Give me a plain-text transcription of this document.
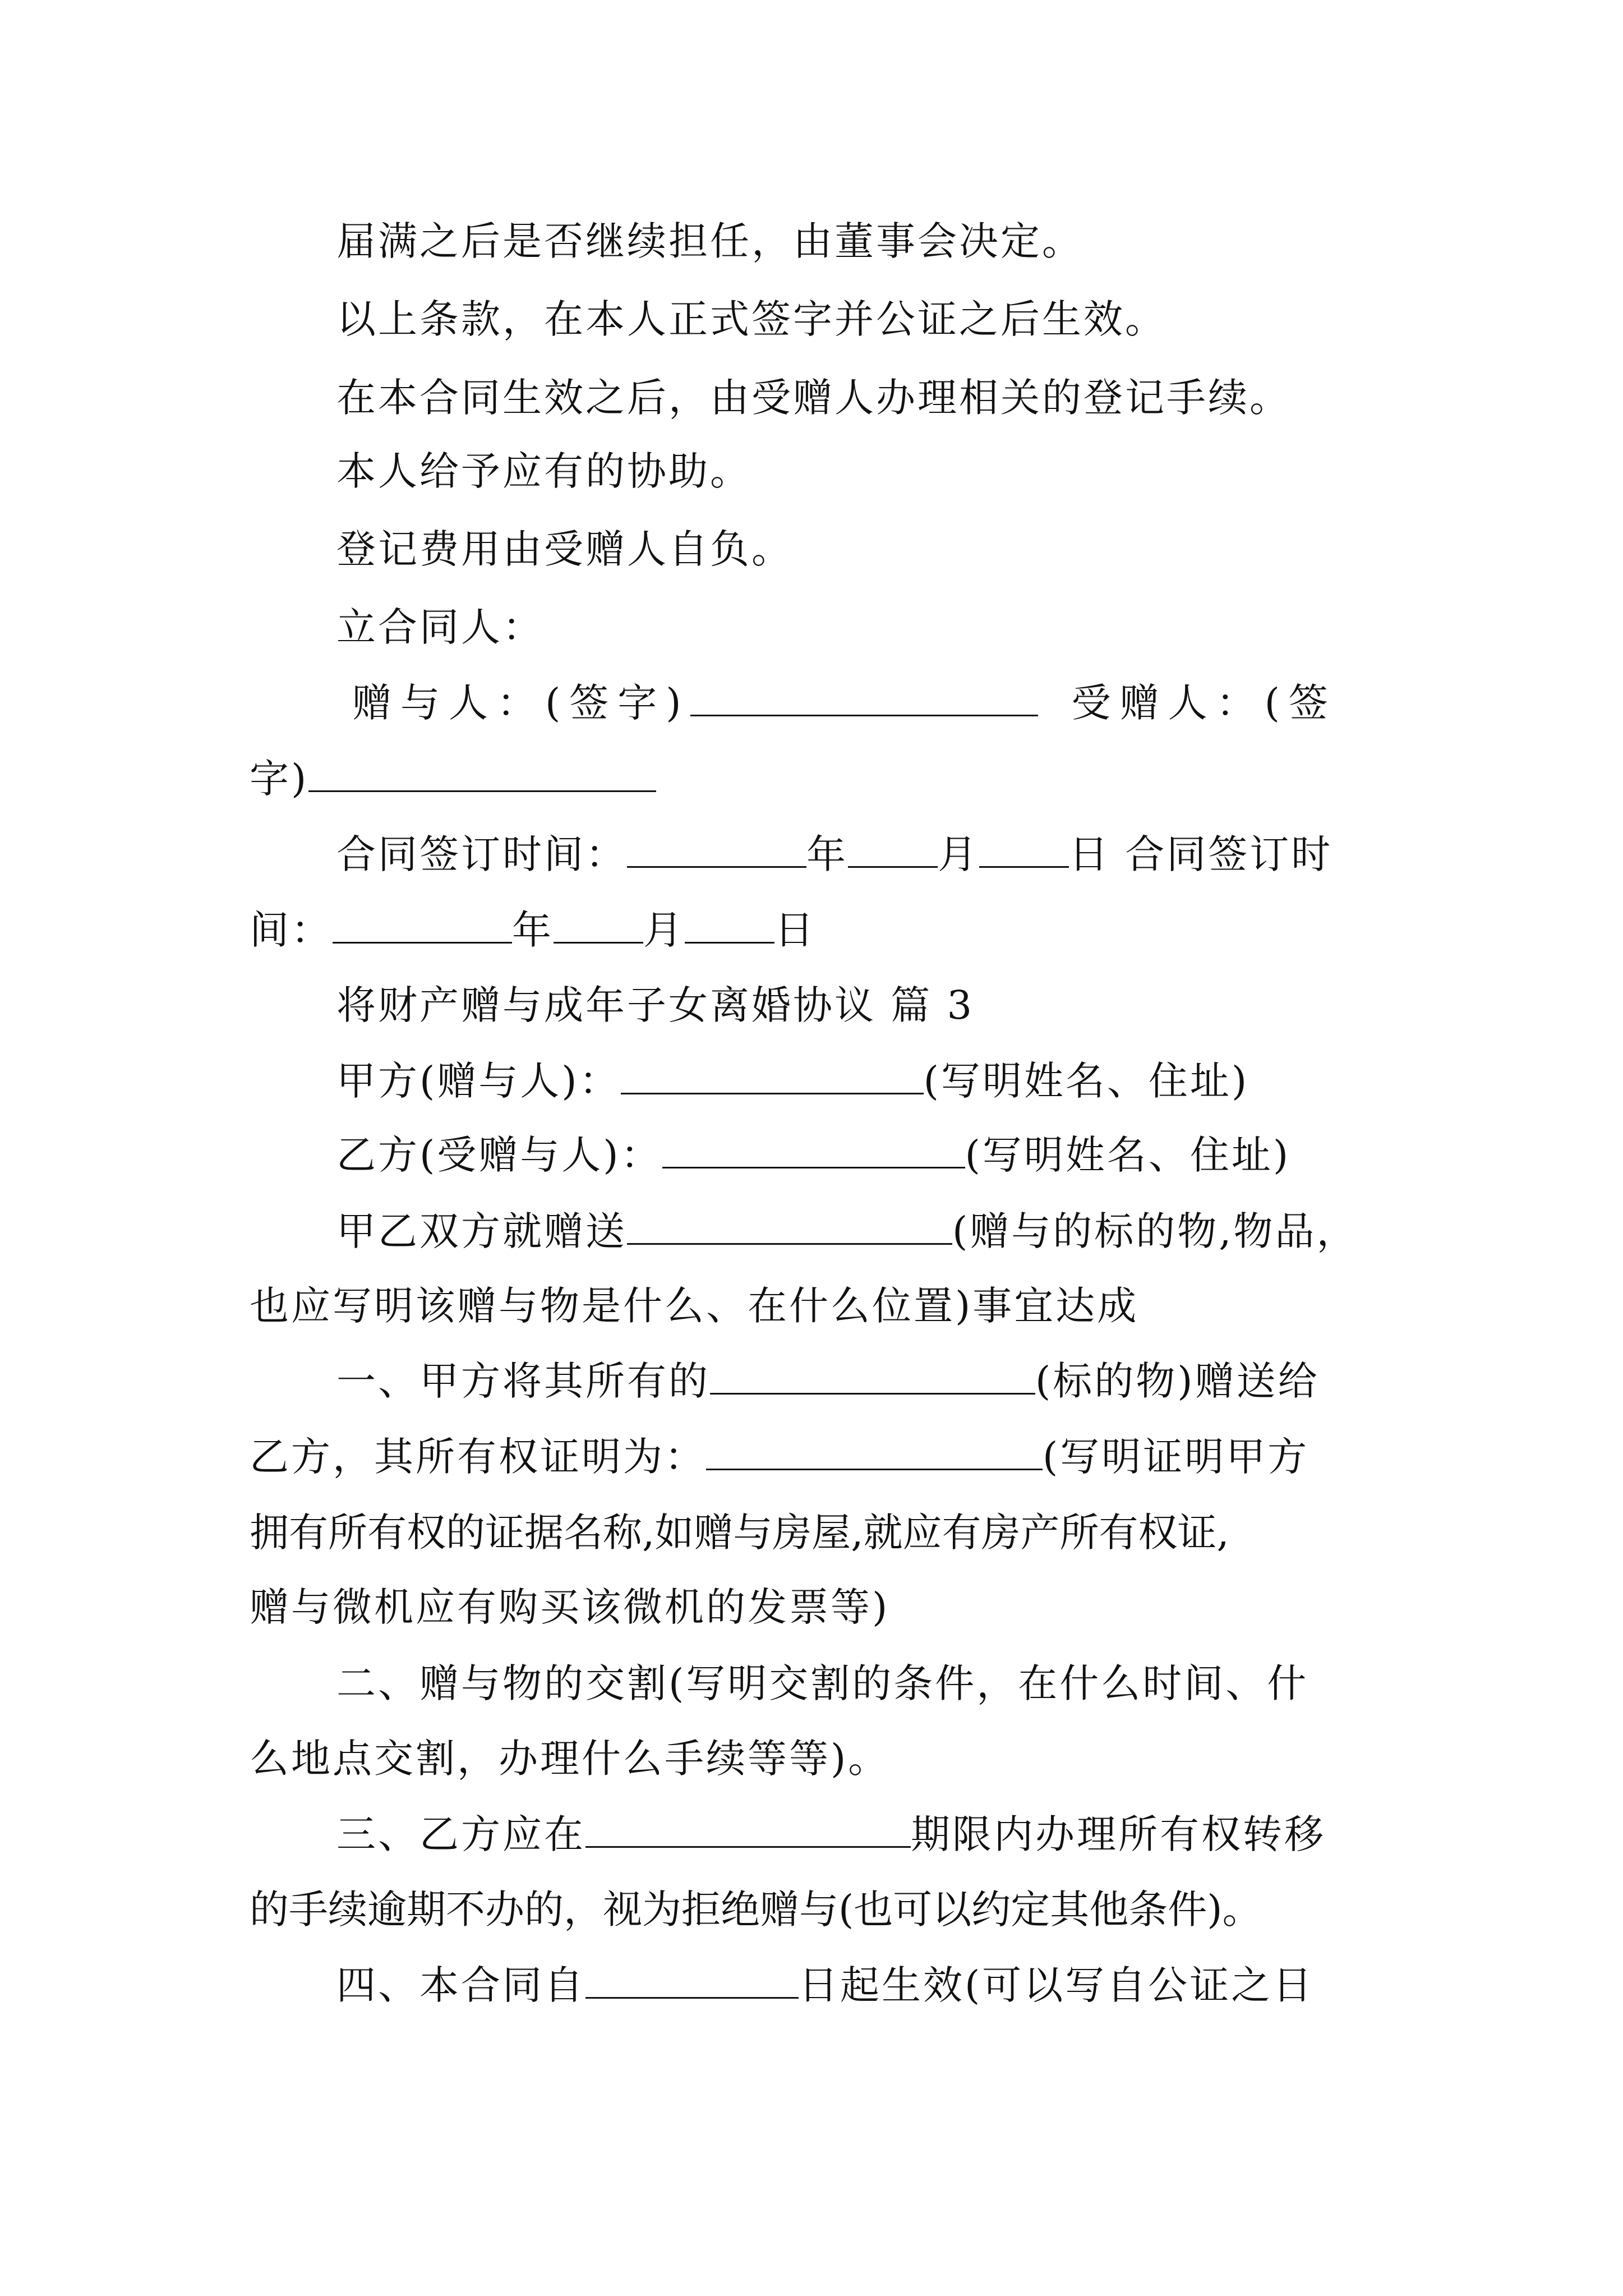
届满之后是否继续担任，由董事会决定。
以上条款，在本人正式签字并公证之后生效。
在本合同生效之后，由受赠人办理相关的登记手续。
本人给予应有的协助。
登记费用由受赠人自负。
立合同人：
赠与人：(签字)	受赠人：(签
字)
合同签订时间：	年 月 日 合同签订时
间：	年 月 日
将财产赠与成年子女离婚协议 篇 3
甲方(赠与人)：	(写明姓名、住址)
乙方(受赠与人)：	(写明姓名、住址)
甲乙双方就赠送	(赠与的标的物,物品，
也应写明该赠与物是什么、在什么位置)事宜达成
一、甲方将其所有的	(标的物)赠送给
乙方，其所有权证明为：	(写明证明甲方
拥有所有权的证据名称,如赠与房屋,就应有房产所有权证,
赠与微机应有购买该微机的发票等)
二、赠与物的交割(写明交割的条件，在什么时间、什
么地点交割，办理什么手续等等)。
三、乙方应在	期限内办理所有权转移
的手续逾期不办的，视为拒绝赠与(也可以约定其他条件)。
四、本合同自	日起生效(可以写自公证之日
